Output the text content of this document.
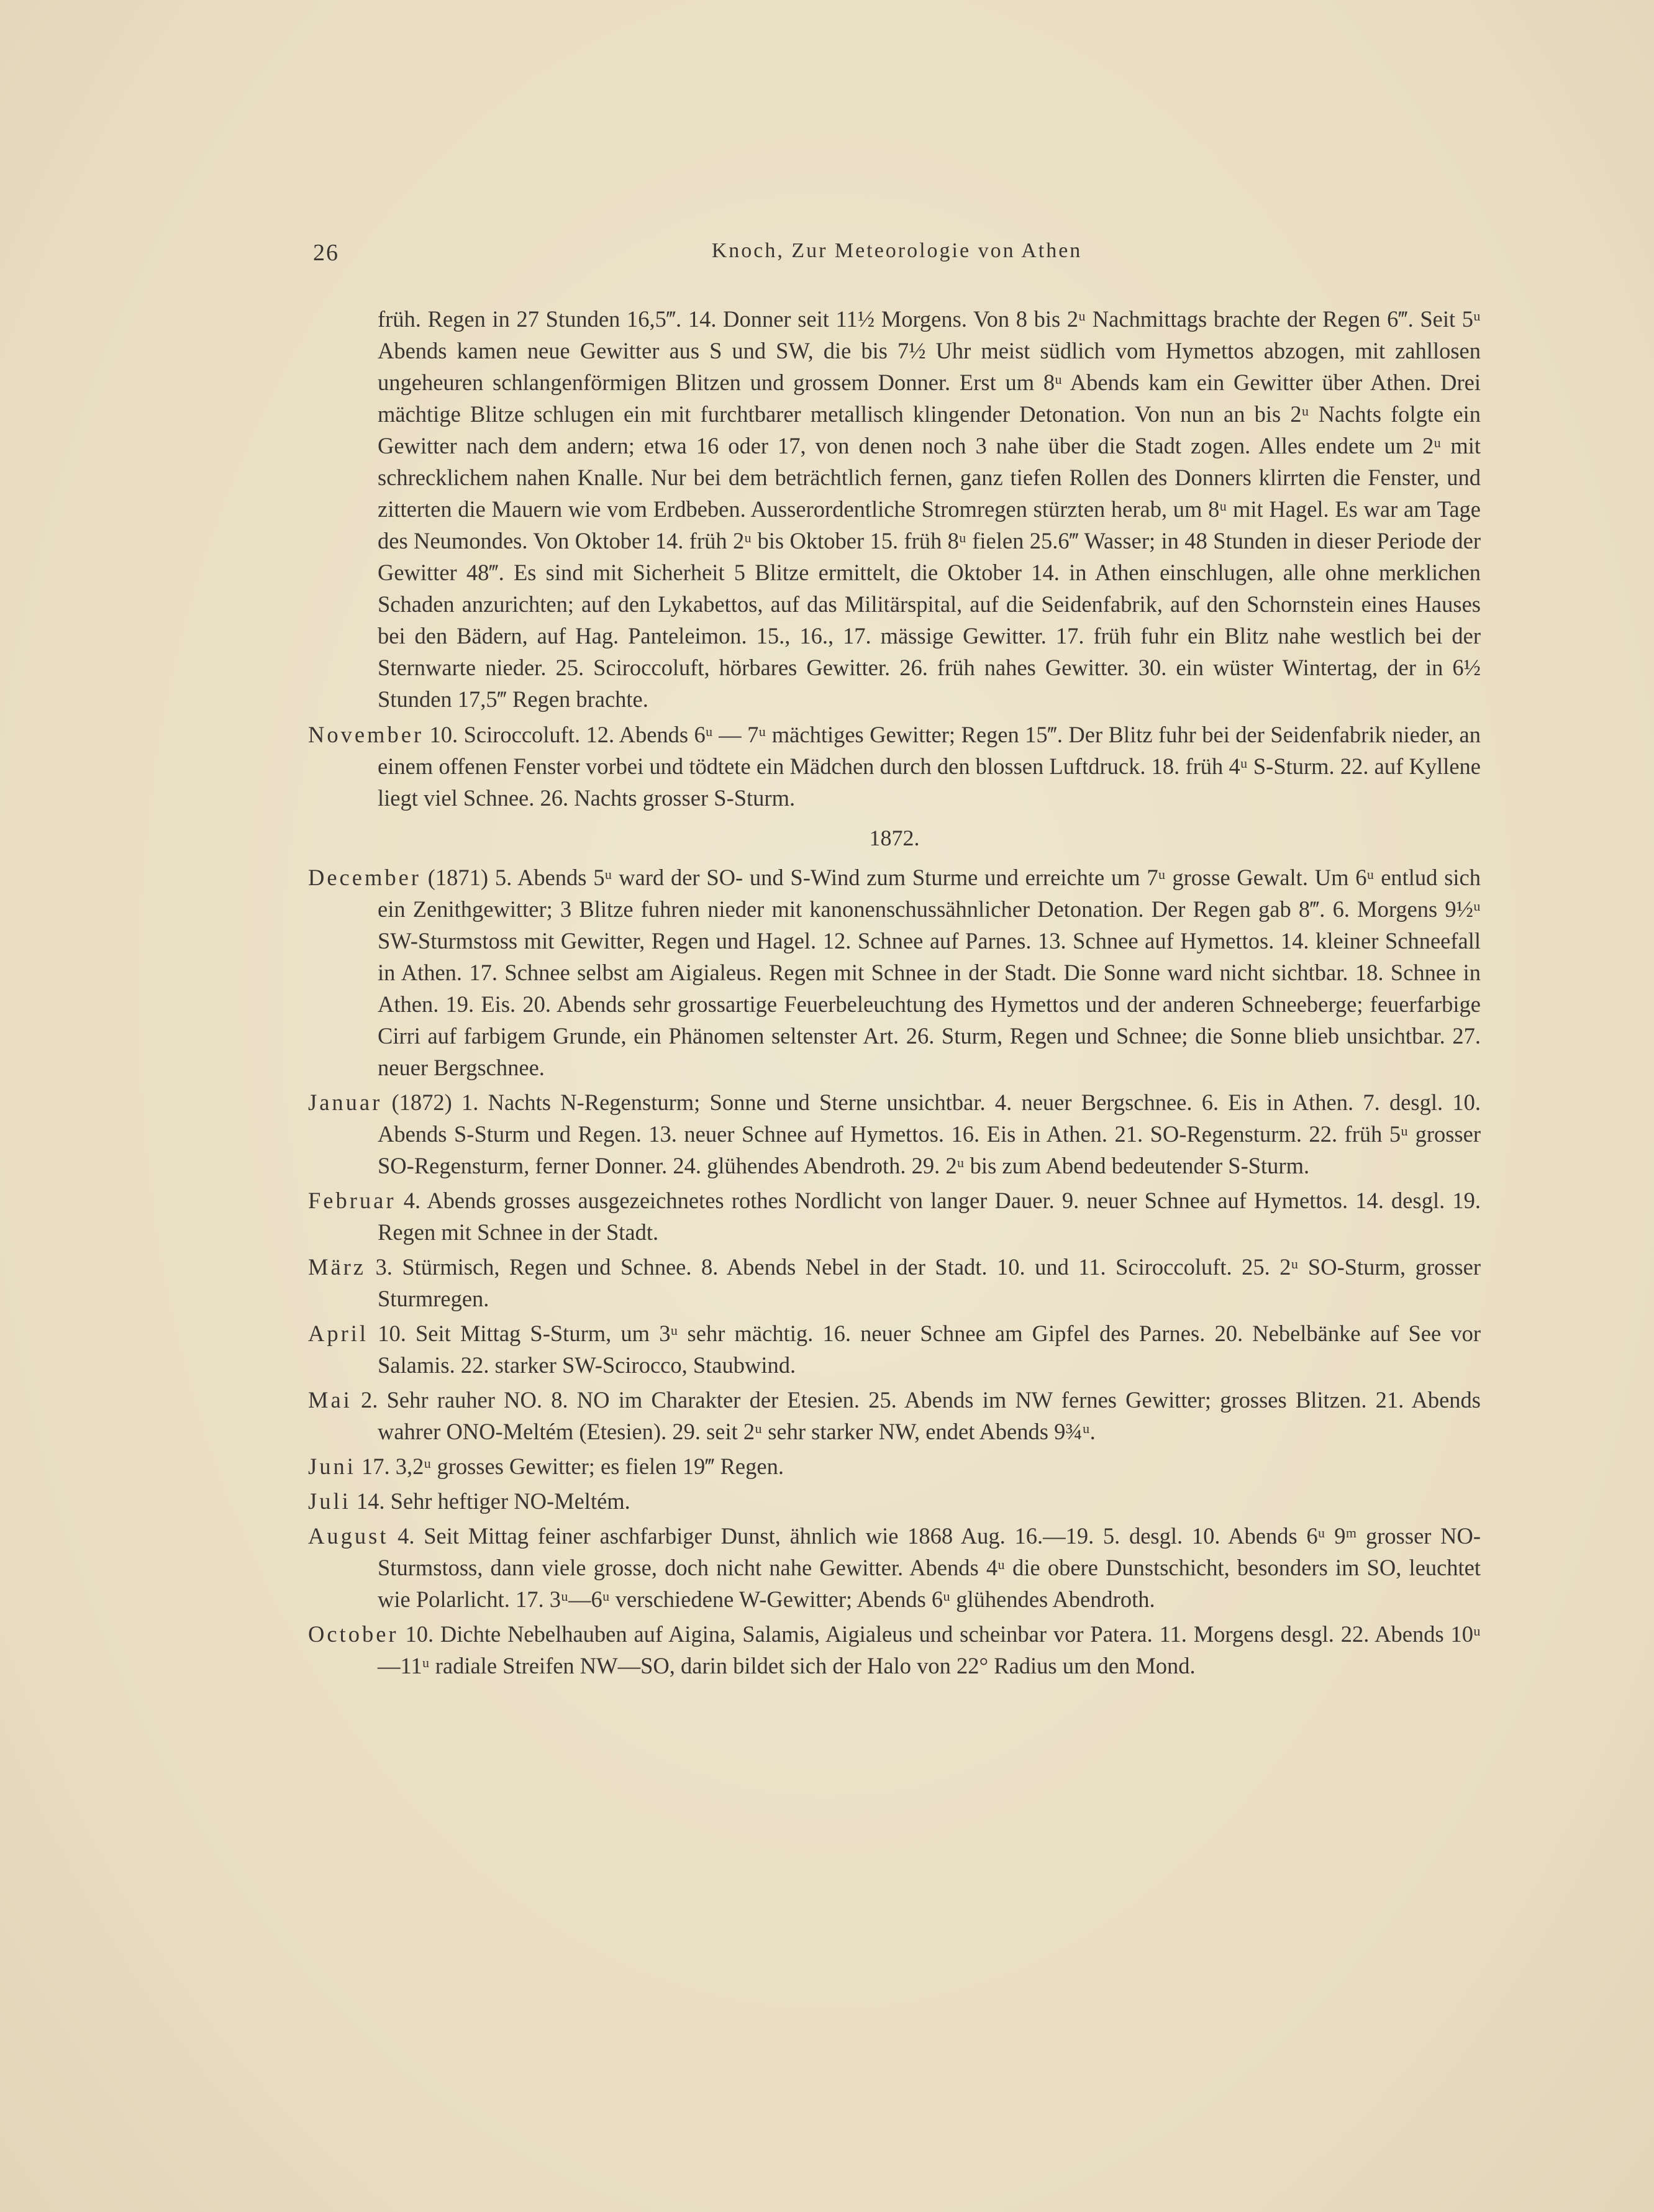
26	Knoch, Zur Meteorologie von Athen

früh. Regen in 27 Stunden 16,5‴. 14. Donner seit 11½ Morgens. Von 8 bis 2ᵘ Nachmittags brachte der Regen 6‴. Seit 5ᵘ Abends kamen neue Gewitter aus S und SW, die bis 7½ Uhr meist südlich vom Hymettos abzogen, mit zahllosen ungeheuren schlangenförmigen Blitzen und grossem Donner. Erst um 8ᵘ Abends kam ein Gewitter über Athen. Drei mächtige Blitze schlugen ein mit furchtbarer metallisch klingender Detonation. Von nun an bis 2ᵘ Nachts folgte ein Gewitter nach dem andern; etwa 16 oder 17, von denen noch 3 nahe über die Stadt zogen. Alles endete um 2ᵘ mit schrecklichem nahen Knalle. Nur bei dem beträchtlich fernen, ganz tiefen Rollen des Donners klirrten die Fenster, und zitterten die Mauern wie vom Erdbeben. Ausserordentliche Stromregen stürzten herab, um 8ᵘ mit Hagel. Es war am Tage des Neumondes. Von Oktober 14. früh 2ᵘ bis Oktober 15. früh 8ᵘ fielen 25.6‴ Wasser; in 48 Stunden in dieser Periode der Gewitter 48‴. Es sind mit Sicherheit 5 Blitze ermittelt, die Oktober 14. in Athen einschlugen, alle ohne merklichen Schaden anzurichten; auf den Lykabettos, auf das Militärspital, auf die Seidenfabrik, auf den Schornstein eines Hauses bei den Bädern, auf Hag. Panteleimon. 15., 16., 17. mässige Gewitter. 17. früh fuhr ein Blitz nahe westlich bei der Sternwarte nieder. 25. Sciroccoluft, hörbares Gewitter. 26. früh nahes Gewitter. 30. ein wüster Wintertag, der in 6½ Stunden 17,5‴ Regen brachte.

November 10. Sciroccoluft. 12. Abends 6ᵘ — 7ᵘ mächtiges Gewitter; Regen 15‴. Der Blitz fuhr bei der Seidenfabrik nieder, an einem offenen Fenster vorbei und tödtete ein Mädchen durch den blossen Luftdruck. 18. früh 4ᵘ S-Sturm. 22. auf Kyllene liegt viel Schnee. 26. Nachts grosser S-Sturm.

1872.

December (1871) 5. Abends 5ᵘ ward der SO- und S-Wind zum Sturme und erreichte um 7ᵘ grosse Gewalt. Um 6ᵘ entlud sich ein Zenithgewitter; 3 Blitze fuhren nieder mit kanonenschussähnlicher Detonation. Der Regen gab 8‴. 6. Morgens 9½ᵘ SW-Sturmstoss mit Gewitter, Regen und Hagel. 12. Schnee auf Parnes. 13. Schnee auf Hymettos. 14. kleiner Schneefall in Athen. 17. Schnee selbst am Aigialeus. Regen mit Schnee in der Stadt. Die Sonne ward nicht sichtbar. 18. Schnee in Athen. 19. Eis. 20. Abends sehr grossartige Feuerbeleuchtung des Hymettos und der anderen Schneeberge; feuerfarbige Cirri auf farbigem Grunde, ein Phänomen seltenster Art. 26. Sturm, Regen und Schnee; die Sonne blieb unsichtbar. 27. neuer Bergschnee.

Januar (1872) 1. Nachts N-Regensturm; Sonne und Sterne unsichtbar. 4. neuer Bergschnee. 6. Eis in Athen. 7. desgl. 10. Abends S-Sturm und Regen. 13. neuer Schnee auf Hymettos. 16. Eis in Athen. 21. SO-Regensturm. 22. früh 5ᵘ grosser SO-Regensturm, ferner Donner. 24. glühendes Abendroth. 29. 2ᵘ bis zum Abend bedeutender S-Sturm.

Februar 4. Abends grosses ausgezeichnetes rothes Nordlicht von langer Dauer. 9. neuer Schnee auf Hymettos. 14. desgl. 19. Regen mit Schnee in der Stadt.

März 3. Stürmisch, Regen und Schnee. 8. Abends Nebel in der Stadt. 10. und 11. Sciroccoluft. 25. 2ᵘ SO-Sturm, grosser Sturmregen.

April 10. Seit Mittag S-Sturm, um 3ᵘ sehr mächtig. 16. neuer Schnee am Gipfel des Parnes. 20. Nebelbänke auf See vor Salamis. 22. starker SW-Scirocco, Staubwind.

Mai 2. Sehr rauher NO. 8. NO im Charakter der Etesien. 25. Abends im NW fernes Gewitter; grosses Blitzen. 21. Abends wahrer ONO-Meltém (Etesien). 29. seit 2ᵘ sehr starker NW, endet Abends 9¾ᵘ.

Juni 17. 3,2ᵘ grosses Gewitter; es fielen 19‴ Regen.

Juli 14. Sehr heftiger NO-Meltém.

August 4. Seit Mittag feiner aschfarbiger Dunst, ähnlich wie 1868 Aug. 16.—19. 5. desgl. 10. Abends 6ᵘ 9ᵐ grosser NO-Sturmstoss, dann viele grosse, doch nicht nahe Gewitter. Abends 4ᵘ die obere Dunstschicht, besonders im SO, leuchtet wie Polarlicht. 17. 3ᵘ—6ᵘ verschiedene W-Gewitter; Abends 6ᵘ glühendes Abendroth.

October 10. Dichte Nebelhauben auf Aigina, Salamis, Aigialeus und scheinbar vor Patera. 11. Morgens desgl. 22. Abends 10ᵘ—11ᵘ radiale Streifen NW—SO, darin bildet sich der Halo von 22° Radius um den Mond.
